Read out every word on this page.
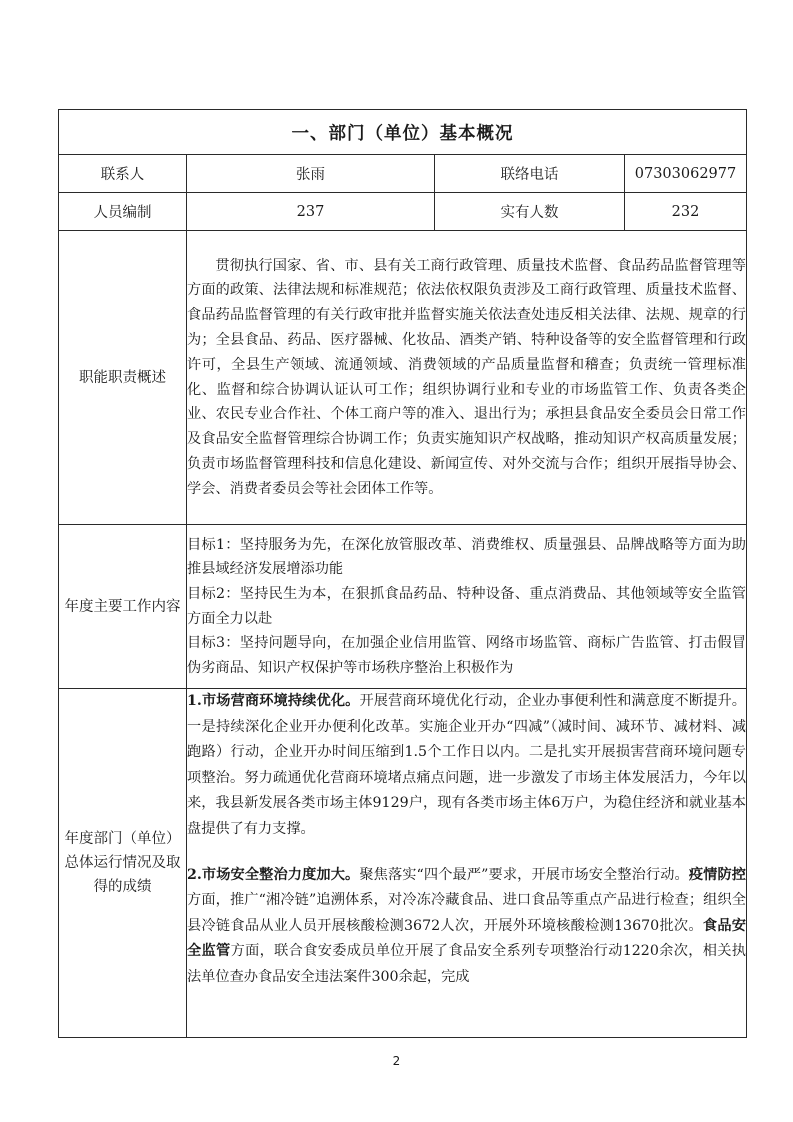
一、部门（单位）基本概况			
联系人	张雨	联络电话	07303062977
人员编制	237	实有人数	232
职能职责概述	贯彻执行国家、省、市、县有关工商行政管理、质量技术监督、食品药品监督管理等方面的政策、法律法规和标准规范；依法依权限负责涉及工商行政管理、质量技术监督、食品药品监督管理的有关行政审批并监督实施关依法查处违反相关法律、法规、规章的行为；全县食品、药品、医疗器械、化妆品、酒类产销、特种设备等的安全监督管理和行政许可，全县生产领域、流通领域、消费领域的产品质量监督和稽查；负责统一管理标准化、监督和综合协调认证认可工作；组织协调行业和专业的市场监管工作、负责各类企业、农民专业合作社、个体工商户等的准入、退出行为；承担县食品安全委员会日常工作及食品安全监督管理综合协调工作；负责实施知识产权战略，推动知识产权高质量发展；负责市场监督管理科技和信息化建设、新闻宣传、对外交流与合作；组织开展指导协会、学会、消费者委员会等社会团体工作等。		

年度主要工作内容	目标1：坚持服务为先，在深化放管服改革、消费维权、质量强县、品牌战略等方面为助推县域经济发展增添功能

目标2：坚持民生为本，在狠抓食品药品、特种设备、重点消费品、其他领域等安全监管方面全力以赴

目标3：坚持问题导向，在加强企业信用监管、网络市场监管、商标广告监管、打击假冒伪劣商品、知识产权保护等市场秩序整治上积极作为		

年度部门（单位）总体运行情况及取得的成绩	1.市场营商环境持续优化。开展营商环境优化行动，企业办事便利性和满意度不断提升。一是持续深化企业开办便利化改革。实施企业开办“四减”（减时间、减环节、减材料、减跑路）行动，企业开办时间压缩到1.5个工作日以内。二是扎实开展损害营商环境问题专项整治。努力疏通优化营商环境堵点痛点问题，进一步激发了市场主体发展活力，今年以来，我县新发展各类市场主体9129户，现有各类市场主体6万户，为稳住经济和就业基本盘提供了有力支撑。

2.市场安全整治力度加大。聚焦落实“四个最严”要求，开展市场安全整治行动。疫情防控方面，推广“湘冷链”追溯体系，对冷冻冷藏食品、进口食品等重点产品进行检查；组织全县冷链食品从业人员开展核酸检测3672人次，开展外环境核酸检测13670批次。食品安全监管方面，联合食安委成员单位开展了食品安全系列专项整治行动1220余次，相关执法单位查办食品安全违法案件300余起，完成		

2
